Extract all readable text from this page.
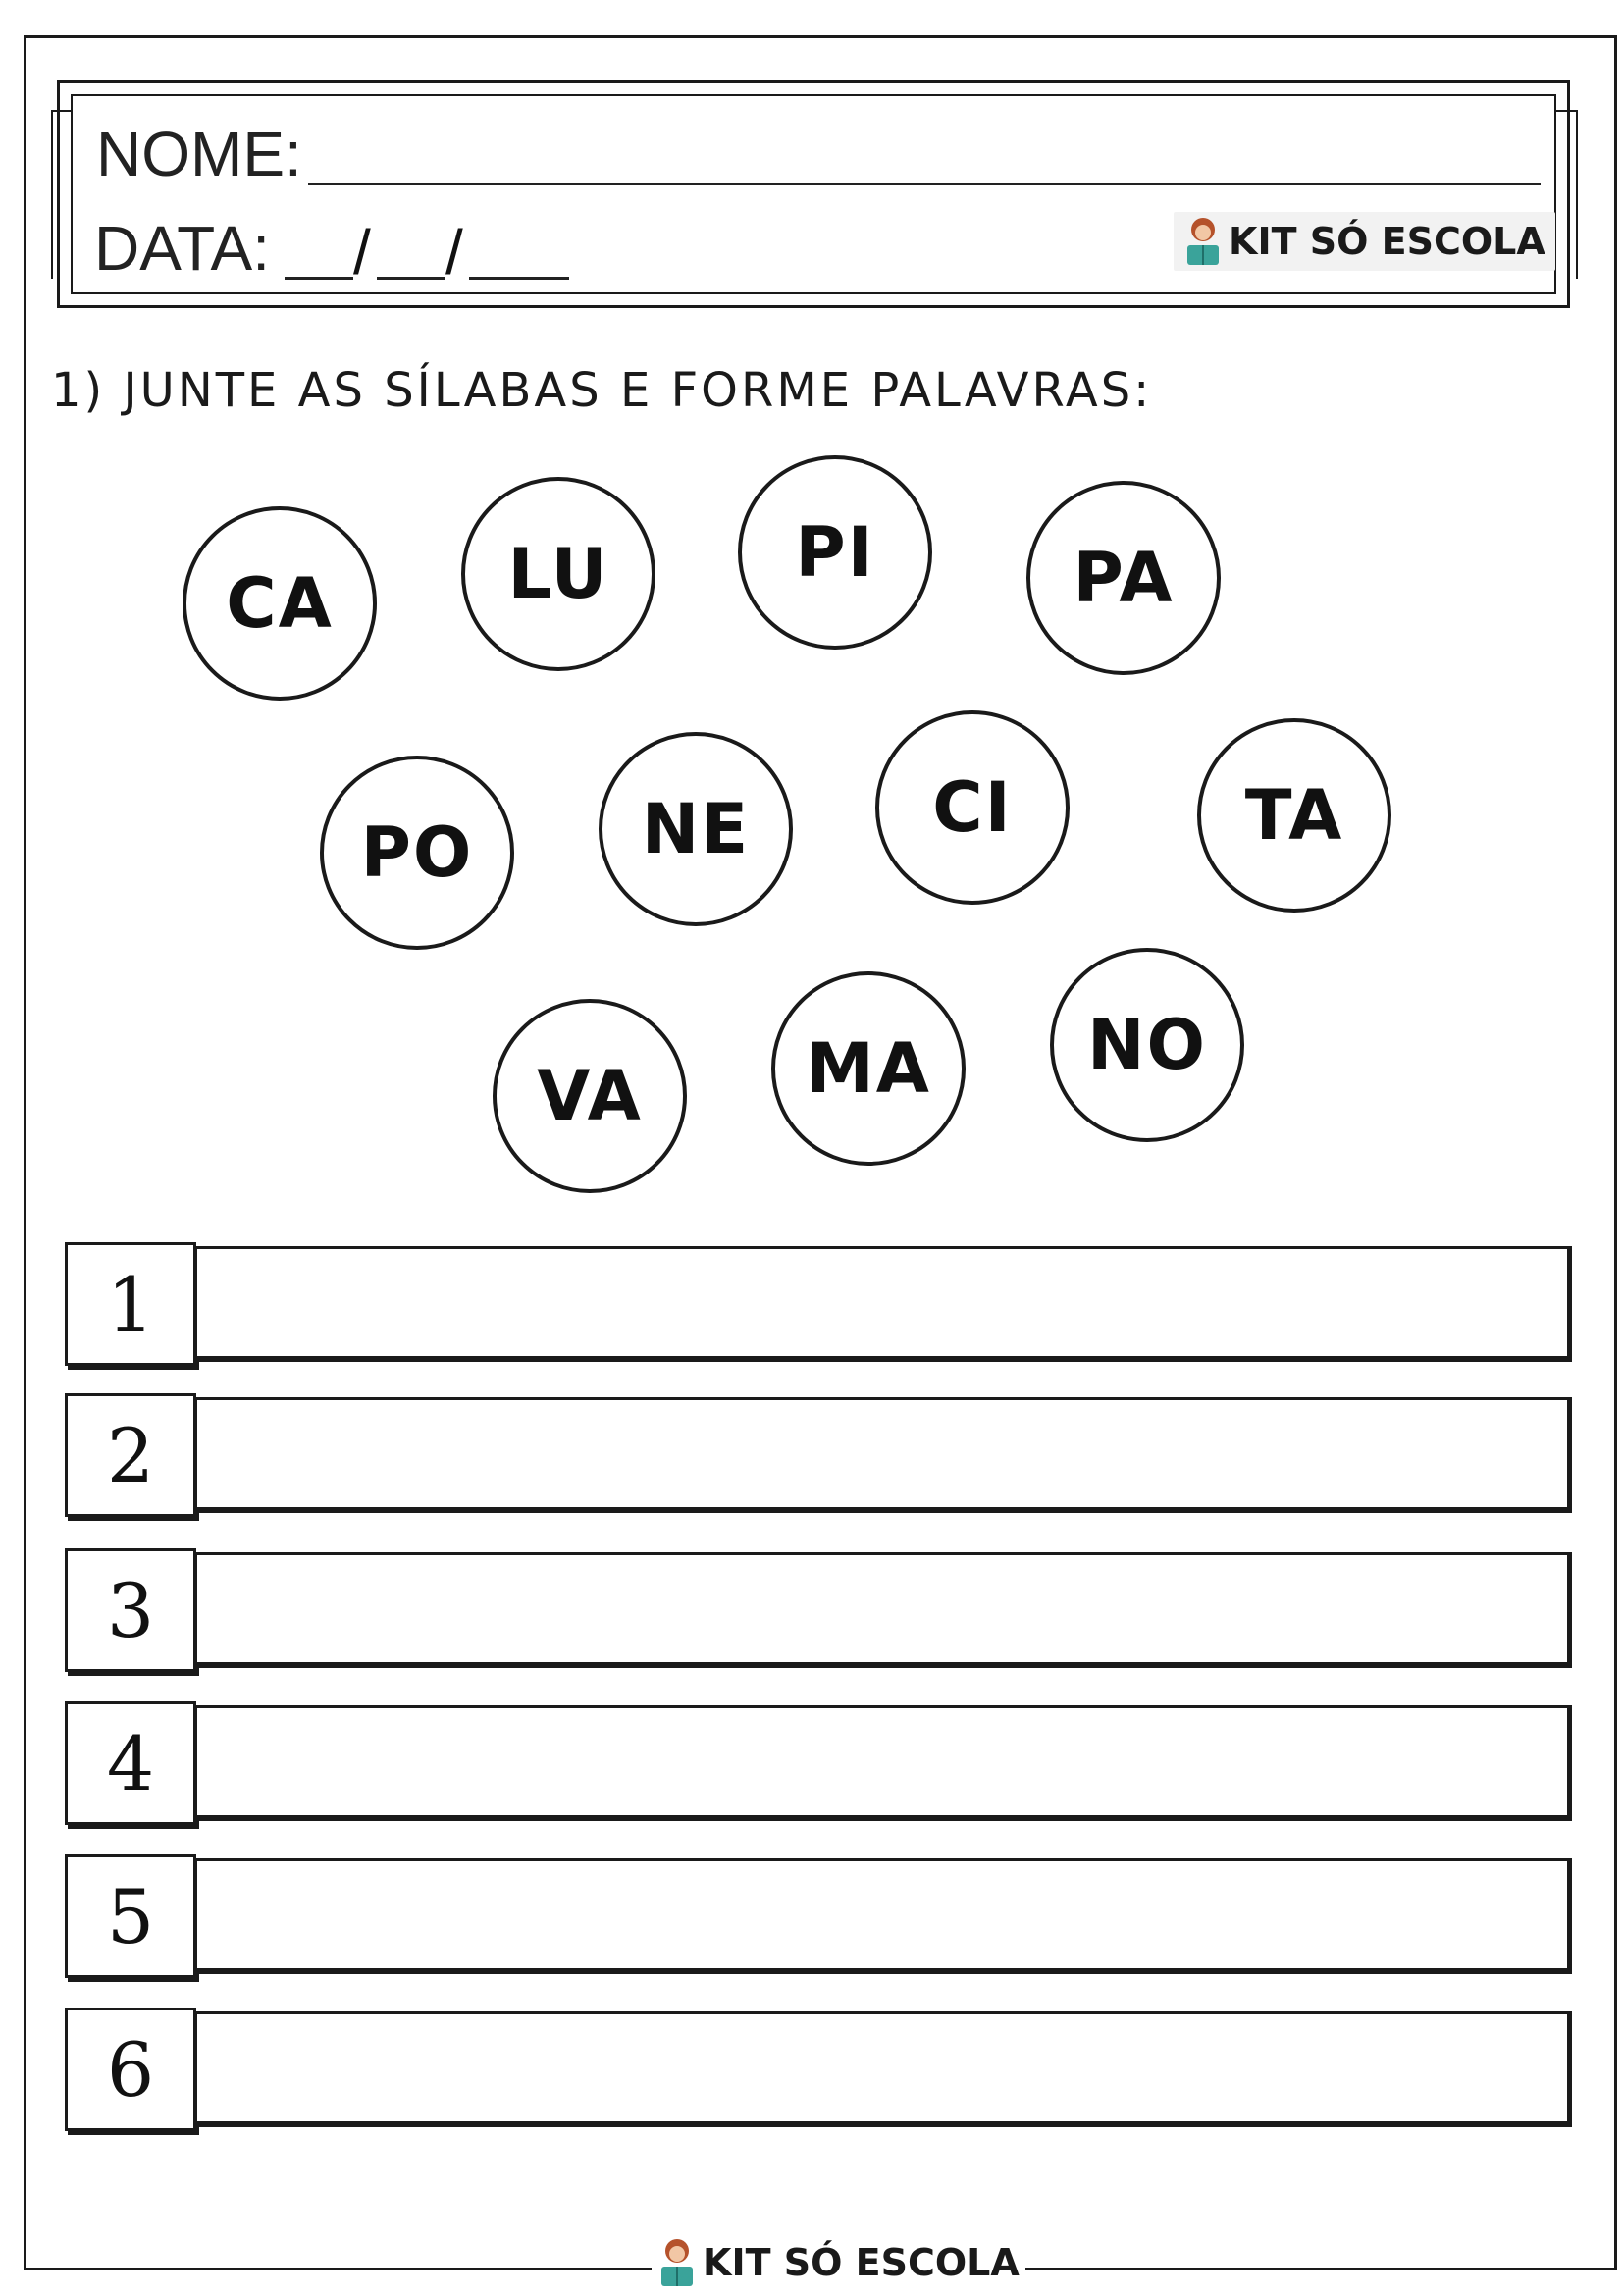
NOME:
DATA: / /	KIT SÓ ESCOLA
1) JUNTE AS SÍLABAS E FORME PALAVRAS:
CA	LU	PI	PA
PO NE	CI	TA
VA MA NO
1
2
3
4
5
6
KIT SÓ ESCOLA
